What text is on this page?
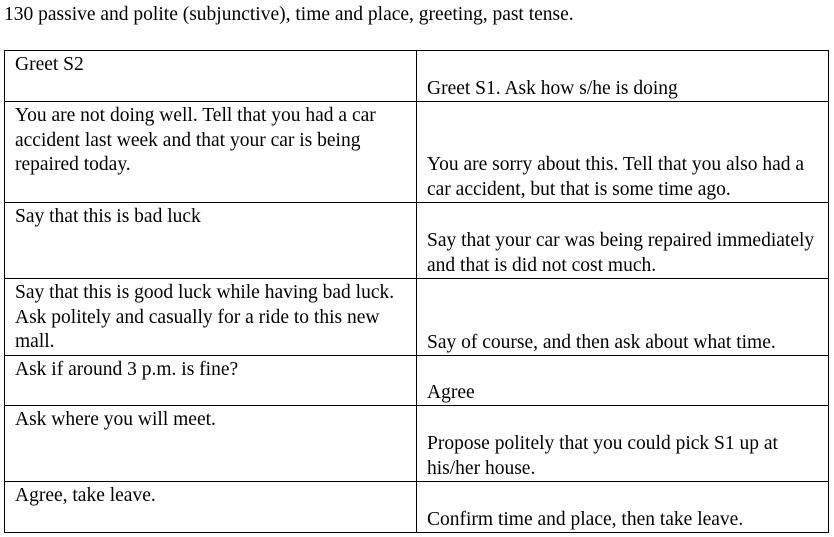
130 passive and polite (subjunctive), time and place, greeting, past tense.

Greet S2	Greet S1. Ask how s/he is doing
You are not doing well. Tell that you had a car accident last week and that your car is being repaired today.	You are sorry about this. Tell that you also had a car accident, but that is some time ago.
Say that this is bad luck	Say that your car was being repaired immediately and that is did not cost much.
Say that this is good luck while having bad luck. Ask politely and casually for a ride to this new mall.	Say of course, and then ask about what time.
Ask if around 3 p.m. is fine?	Agree
Ask where you will meet.	Propose politely that you could pick S1 up at his/her house.
Agree, take leave.	Confirm time and place, then take leave.
